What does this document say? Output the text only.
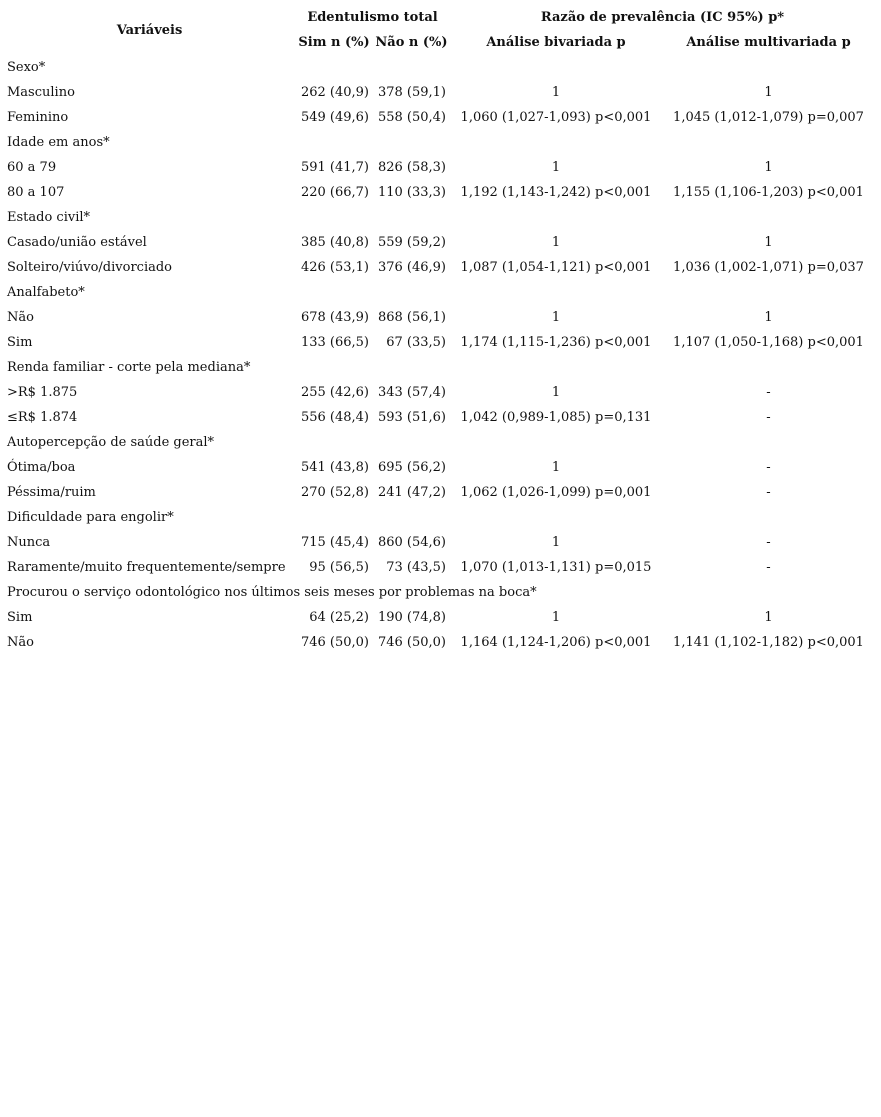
Variáveis	Edentulismo total		Razão de prevalência (IC 95%) p*	
	Sim n (%)	Não n (%)	Análise bivariada p	Análise multivariada p
Sexo*				
Masculino	262 (40,9)	378 (59,1)	1	1
Feminino	549 (49,6)	558 (50,4)	1,060 (1,027-1,093) p<0,001	1,045 (1,012-1,079) p=0,007
Idade em anos*				
60 a 79	591 (41,7)	826 (58,3)	1	1
80 a 107	220 (66,7)	110 (33,3)	1,192 (1,143-1,242) p<0,001	1,155 (1,106-1,203) p<0,001
Estado civil*				
Casado/união estável	385 (40,8)	559 (59,2)	1	1
Solteiro/viúvo/divorciado	426 (53,1)	376 (46,9)	1,087 (1,054-1,121) p<0,001	1,036 (1,002-1,071) p=0,037
Analfabeto*				
Não	678 (43,9)	868 (56,1)	1	1
Sim	133 (66,5)	67 (33,5)	1,174 (1,115-1,236) p<0,001	1,107 (1,050-1,168) p<0,001
Renda familiar - corte pela mediana*				
>R$ 1.875	255 (42,6)	343 (57,4)	1	-
≤R$ 1.874	556 (48,4)	593 (51,6)	1,042 (0,989-1,085) p=0,131	-
Autopercepção de saúde geral*				
Ótima/boa	541 (43,8)	695 (56,2)	1	-
Péssima/ruim	270 (52,8)	241 (47,2)	1,062 (1,026-1,099) p=0,001	-
Dificuldade para engolir*				
Nunca	715 (45,4)	860 (54,6)	1	-
Raramente/muito frequentemente/sempre	95 (56,5)	73 (43,5)	1,070 (1,013-1,131) p=0,015	-
Procurou o serviço odontológico nos últimos seis meses por problemas na boca*				
Sim	64 (25,2)	190 (74,8)	1	1
Não	746 (50,0)	746 (50,0)	1,164 (1,124-1,206) p<0,001	1,141 (1,102-1,182) p<0,001
